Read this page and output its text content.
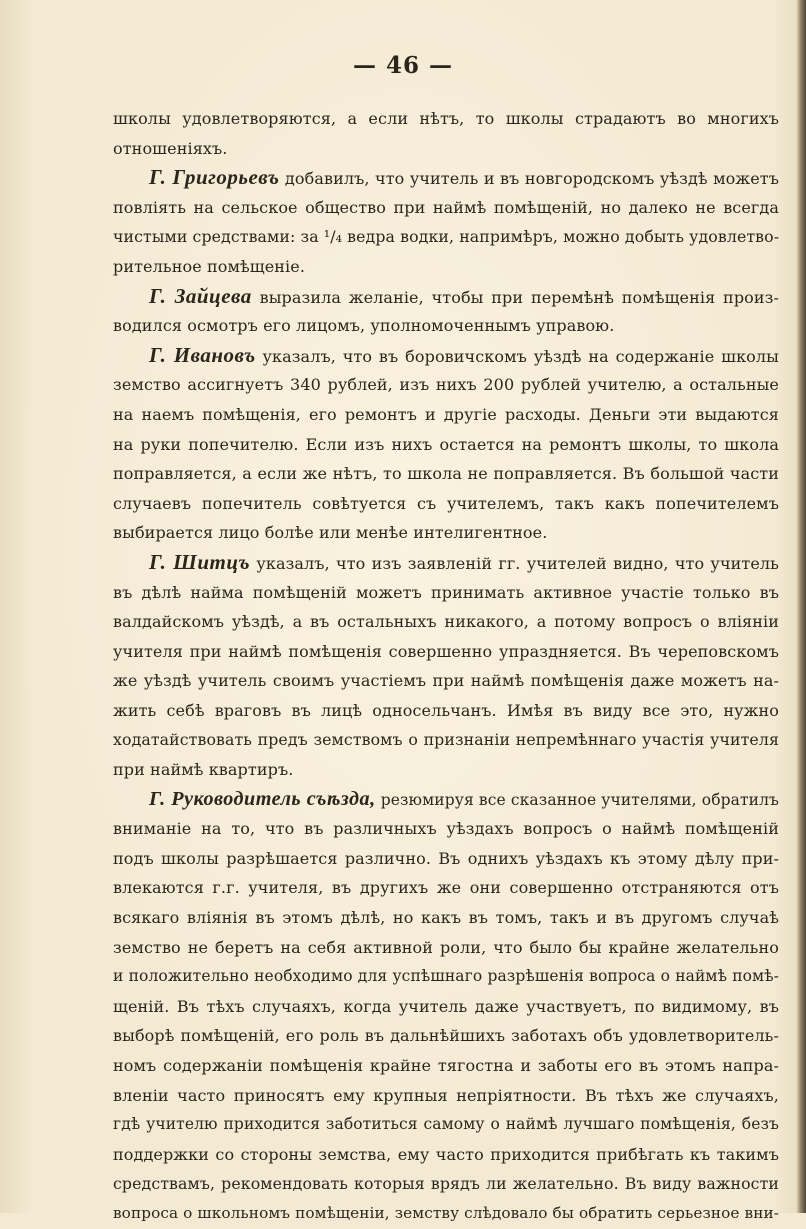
— 46 —
школы удовлетворяются, а если нѣтъ, то школы страдаютъ во многихъ
отношеніяхъ.
Г. Григорьевъ добавилъ, что учитель и въ новгородскомъ уѣздѣ можетъ
повліять на сельское общество при наймѣ помѣщеній, но далеко не всегда
чистыми средствами: за ¹/₄ ведра водки, напримѣръ, можно добыть удовлетво-
рительное помѣщеніе.
Г. Зайцева выразила желаніе, чтобы при перемѣнѣ помѣщенія произ-
водился осмотръ его лицомъ, уполномоченнымъ управою.
Г. Ивановъ указалъ, что въ боровичскомъ уѣздѣ на содержаніе школы
земство ассигнуетъ 340 рублей, изъ нихъ 200 рублей учителю, а остальные
на наемъ помѣщенія, его ремонтъ и другіе расходы. Деньги эти выдаются
на руки попечителю. Если изъ нихъ остается на ремонтъ школы, то школа
поправляется, а если же нѣтъ, то школа не поправляется. Въ большой части
случаевъ попечитель совѣтуется съ учителемъ, такъ какъ попечителемъ
выбирается лицо болѣе или менѣе интелигентное.
Г. Шитцъ указалъ, что изъ заявленій гг. учителей видно, что учитель
въ дѣлѣ найма помѣщеній можетъ принимать активное участіе только въ
валдайскомъ уѣздѣ, а въ остальныхъ никакого, а потому вопросъ о вліяніи
учителя при наймѣ помѣщенія совершенно упраздняется. Въ череповскомъ
же уѣздѣ учитель своимъ участіемъ при наймѣ помѣщенія даже можетъ на-
жить себѣ враговъ въ лицѣ односельчанъ. Имѣя въ виду все это, нужно
ходатайствовать предъ земствомъ о признаніи непремѣннаго участія учителя
при наймѣ квартиръ.
Г. Руководитель съѣзда, резюмируя все сказанное учителями, обратилъ
вниманіе на то, что въ различныхъ уѣздахъ вопросъ о наймѣ помѣщеній
подъ школы разрѣшается различно. Въ однихъ уѣздахъ къ этому дѣлу при-
влекаются г.г. учителя, въ другихъ же они совершенно отстраняются отъ
всякаго вліянія въ этомъ дѣлѣ, но какъ въ томъ, такъ и въ другомъ случаѣ
земство не беретъ на себя активной роли, что было бы крайне желательно
и положительно необходимо для успѣшнаго разрѣшенія вопроса о наймѣ помѣ-
щеній. Въ тѣхъ случаяхъ, когда учитель даже участвуетъ, по видимому, въ
выборѣ помѣщеній, его роль въ дальнѣйшихъ заботахъ объ удовлетворитель-
номъ содержаніи помѣщенія крайне тягостна и заботы его въ этомъ напра-
вленіи часто приносятъ ему крупныя непріятности. Въ тѣхъ же случаяхъ,
гдѣ учителю приходится заботиться самому о наймѣ лучшаго помѣщенія, безъ
поддержки со стороны земства, ему часто приходится прибѣгать къ такимъ
средствамъ, рекомендовать которыя врядъ ли желательно. Въ виду важности
вопроса о школьномъ помѣщеніи, земству слѣдовало бы обратить серьезное вни-
